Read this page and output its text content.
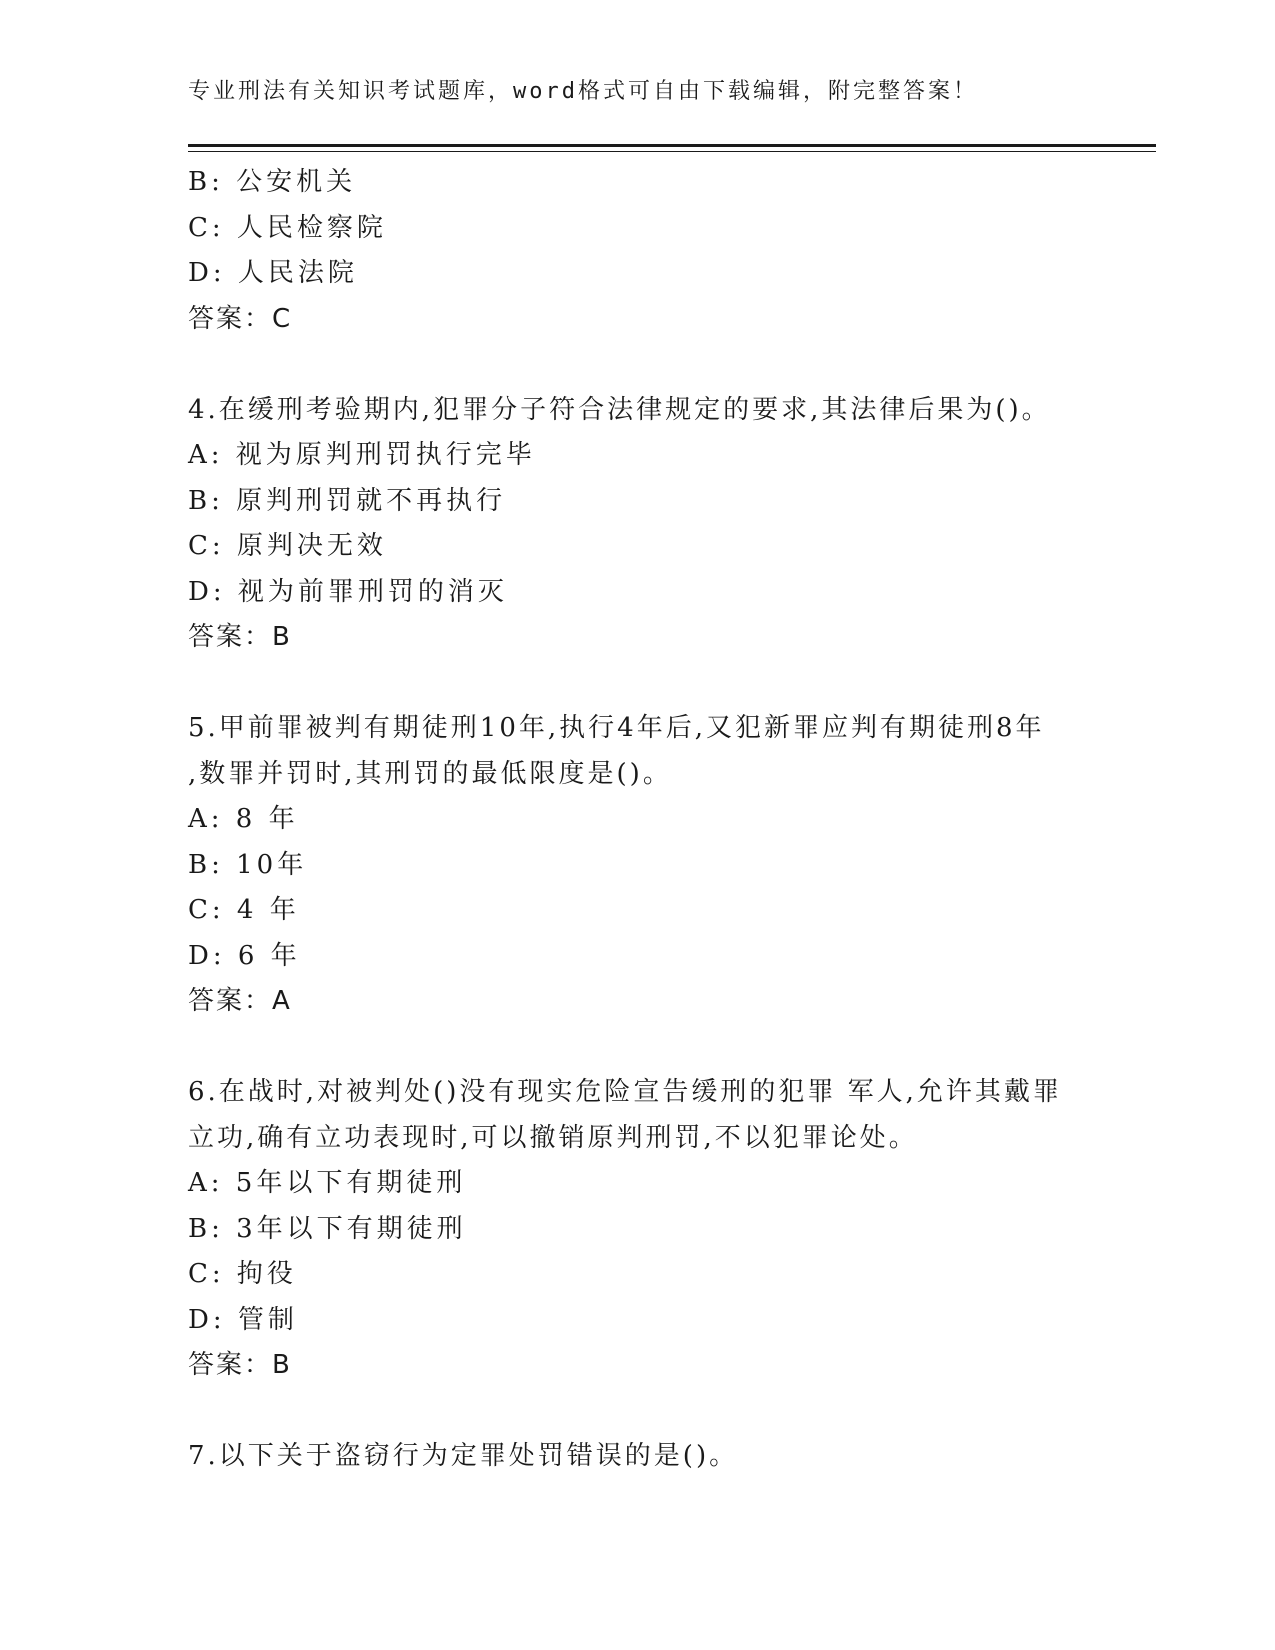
专业刑法有关知识考试题库，word格式可自由下载编辑，附完整答案！
B: 公安机关
C: 人民检察院
D: 人民法院
答案：C
4.在缓刑考验期内,犯罪分子符合法律规定的要求,其法律后果为()。
A: 视为原判刑罚执行完毕
B: 原判刑罚就不再执行
C: 原判决无效
D: 视为前罪刑罚的消灭
答案：B
5.甲前罪被判有期徒刑10年,执行4年后,又犯新罪应判有期徒刑8年
,数罪并罚时,其刑罚的最低限度是()。
A: 8 年
B: 10年
C: 4 年
D: 6 年
答案：A
6.在战时,对被判处()没有现实危险宣告缓刑的犯罪 军人,允许其戴罪
立功,确有立功表现时,可以撤销原判刑罚,不以犯罪论处。
A: 5年以下有期徒刑
B: 3年以下有期徒刑
C: 拘役
D: 管制
答案：B
7.以下关于盗窃行为定罪处罚错误的是()。
